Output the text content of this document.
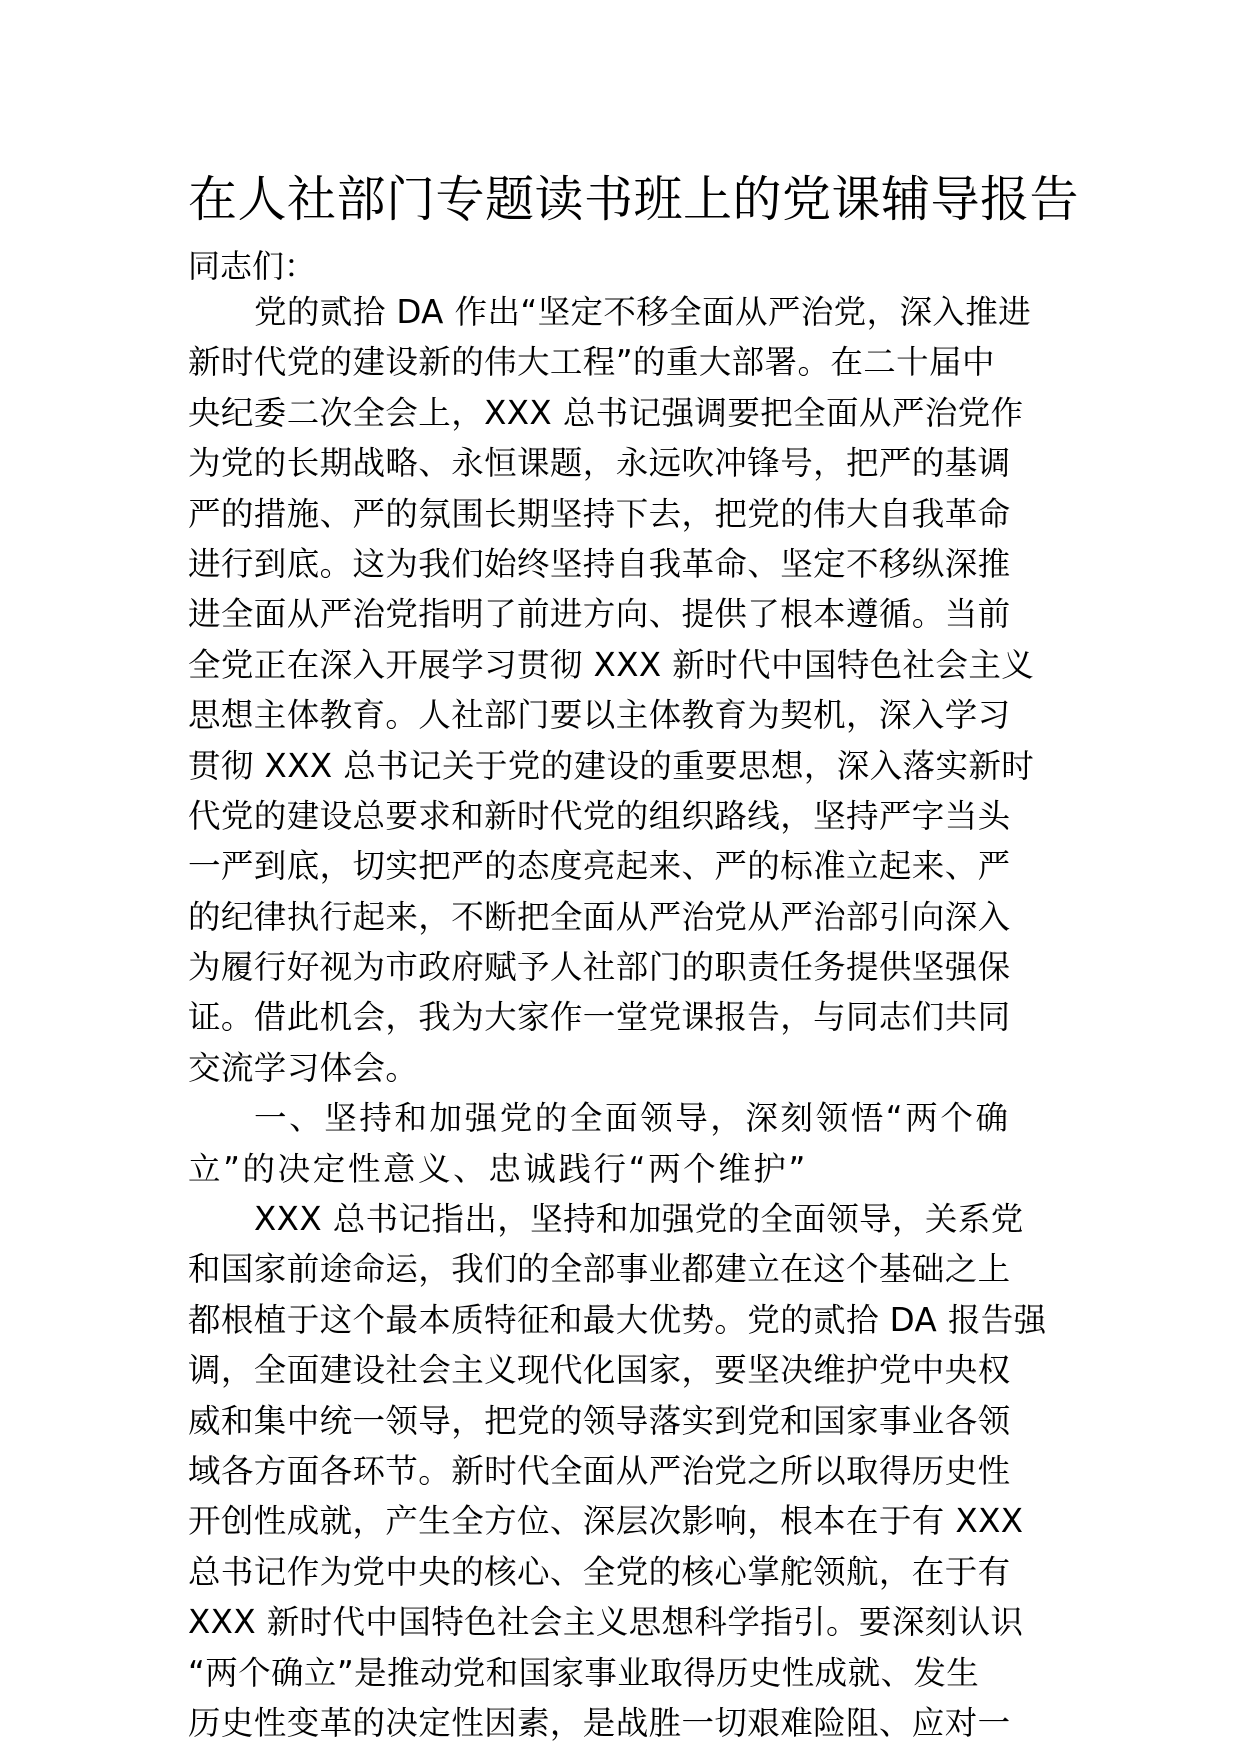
在人社部门专题读书班上的党课辅导报告

同志们：

党的贰拾 DA 作出“坚定不移全面从严治党，深入推进
新时代党的建设新的伟大工程”的重大部署。在二十届中
央纪委二次全会上，XXX 总书记强调要把全面从严治党作
为党的长期战略、永恒课题，永远吹冲锋号，把严的基调
严的措施、严的氛围长期坚持下去，把党的伟大自我革命
进行到底。这为我们始终坚持自我革命、坚定不移纵深推
进全面从严治党指明了前进方向、提供了根本遵循。当前
全党正在深入开展学习贯彻 XXX 新时代中国特色社会主义
思想主体教育。人社部门要以主体教育为契机，深入学习
贯彻 XXX 总书记关于党的建设的重要思想，深入落实新时
代党的建设总要求和新时代党的组织路线，坚持严字当头
一严到底，切实把严的态度亮起来、严的标准立起来、严
的纪律执行起来，不断把全面从严治党从严治部引向深入
为履行好视为市政府赋予人社部门的职责任务提供坚强保
证。借此机会，我为大家作一堂党课报告，与同志们共同
交流学习体会。
一、坚持和加强党的全面领导，深刻领悟“两个确
立”的决定性意义、忠诚践行“两个维护”
XXX 总书记指出，坚持和加强党的全面领导，关系党
和国家前途命运，我们的全部事业都建立在这个基础之上
都根植于这个最本质特征和最大优势。党的贰拾 DA 报告强
调，全面建设社会主义现代化国家，要坚决维护党中央权
威和集中统一领导，把党的领导落实到党和国家事业各领
域各方面各环节。新时代全面从严治党之所以取得历史性
开创性成就，产生全方位、深层次影响，根本在于有 XXX
总书记作为党中央的核心、全党的核心掌舵领航，在于有
XXX 新时代中国特色社会主义思想科学指引。要深刻认识
“两个确立”是推动党和国家事业取得历史性成就、发生
历史性变革的决定性因素，是战胜一切艰难险阻、应对一
